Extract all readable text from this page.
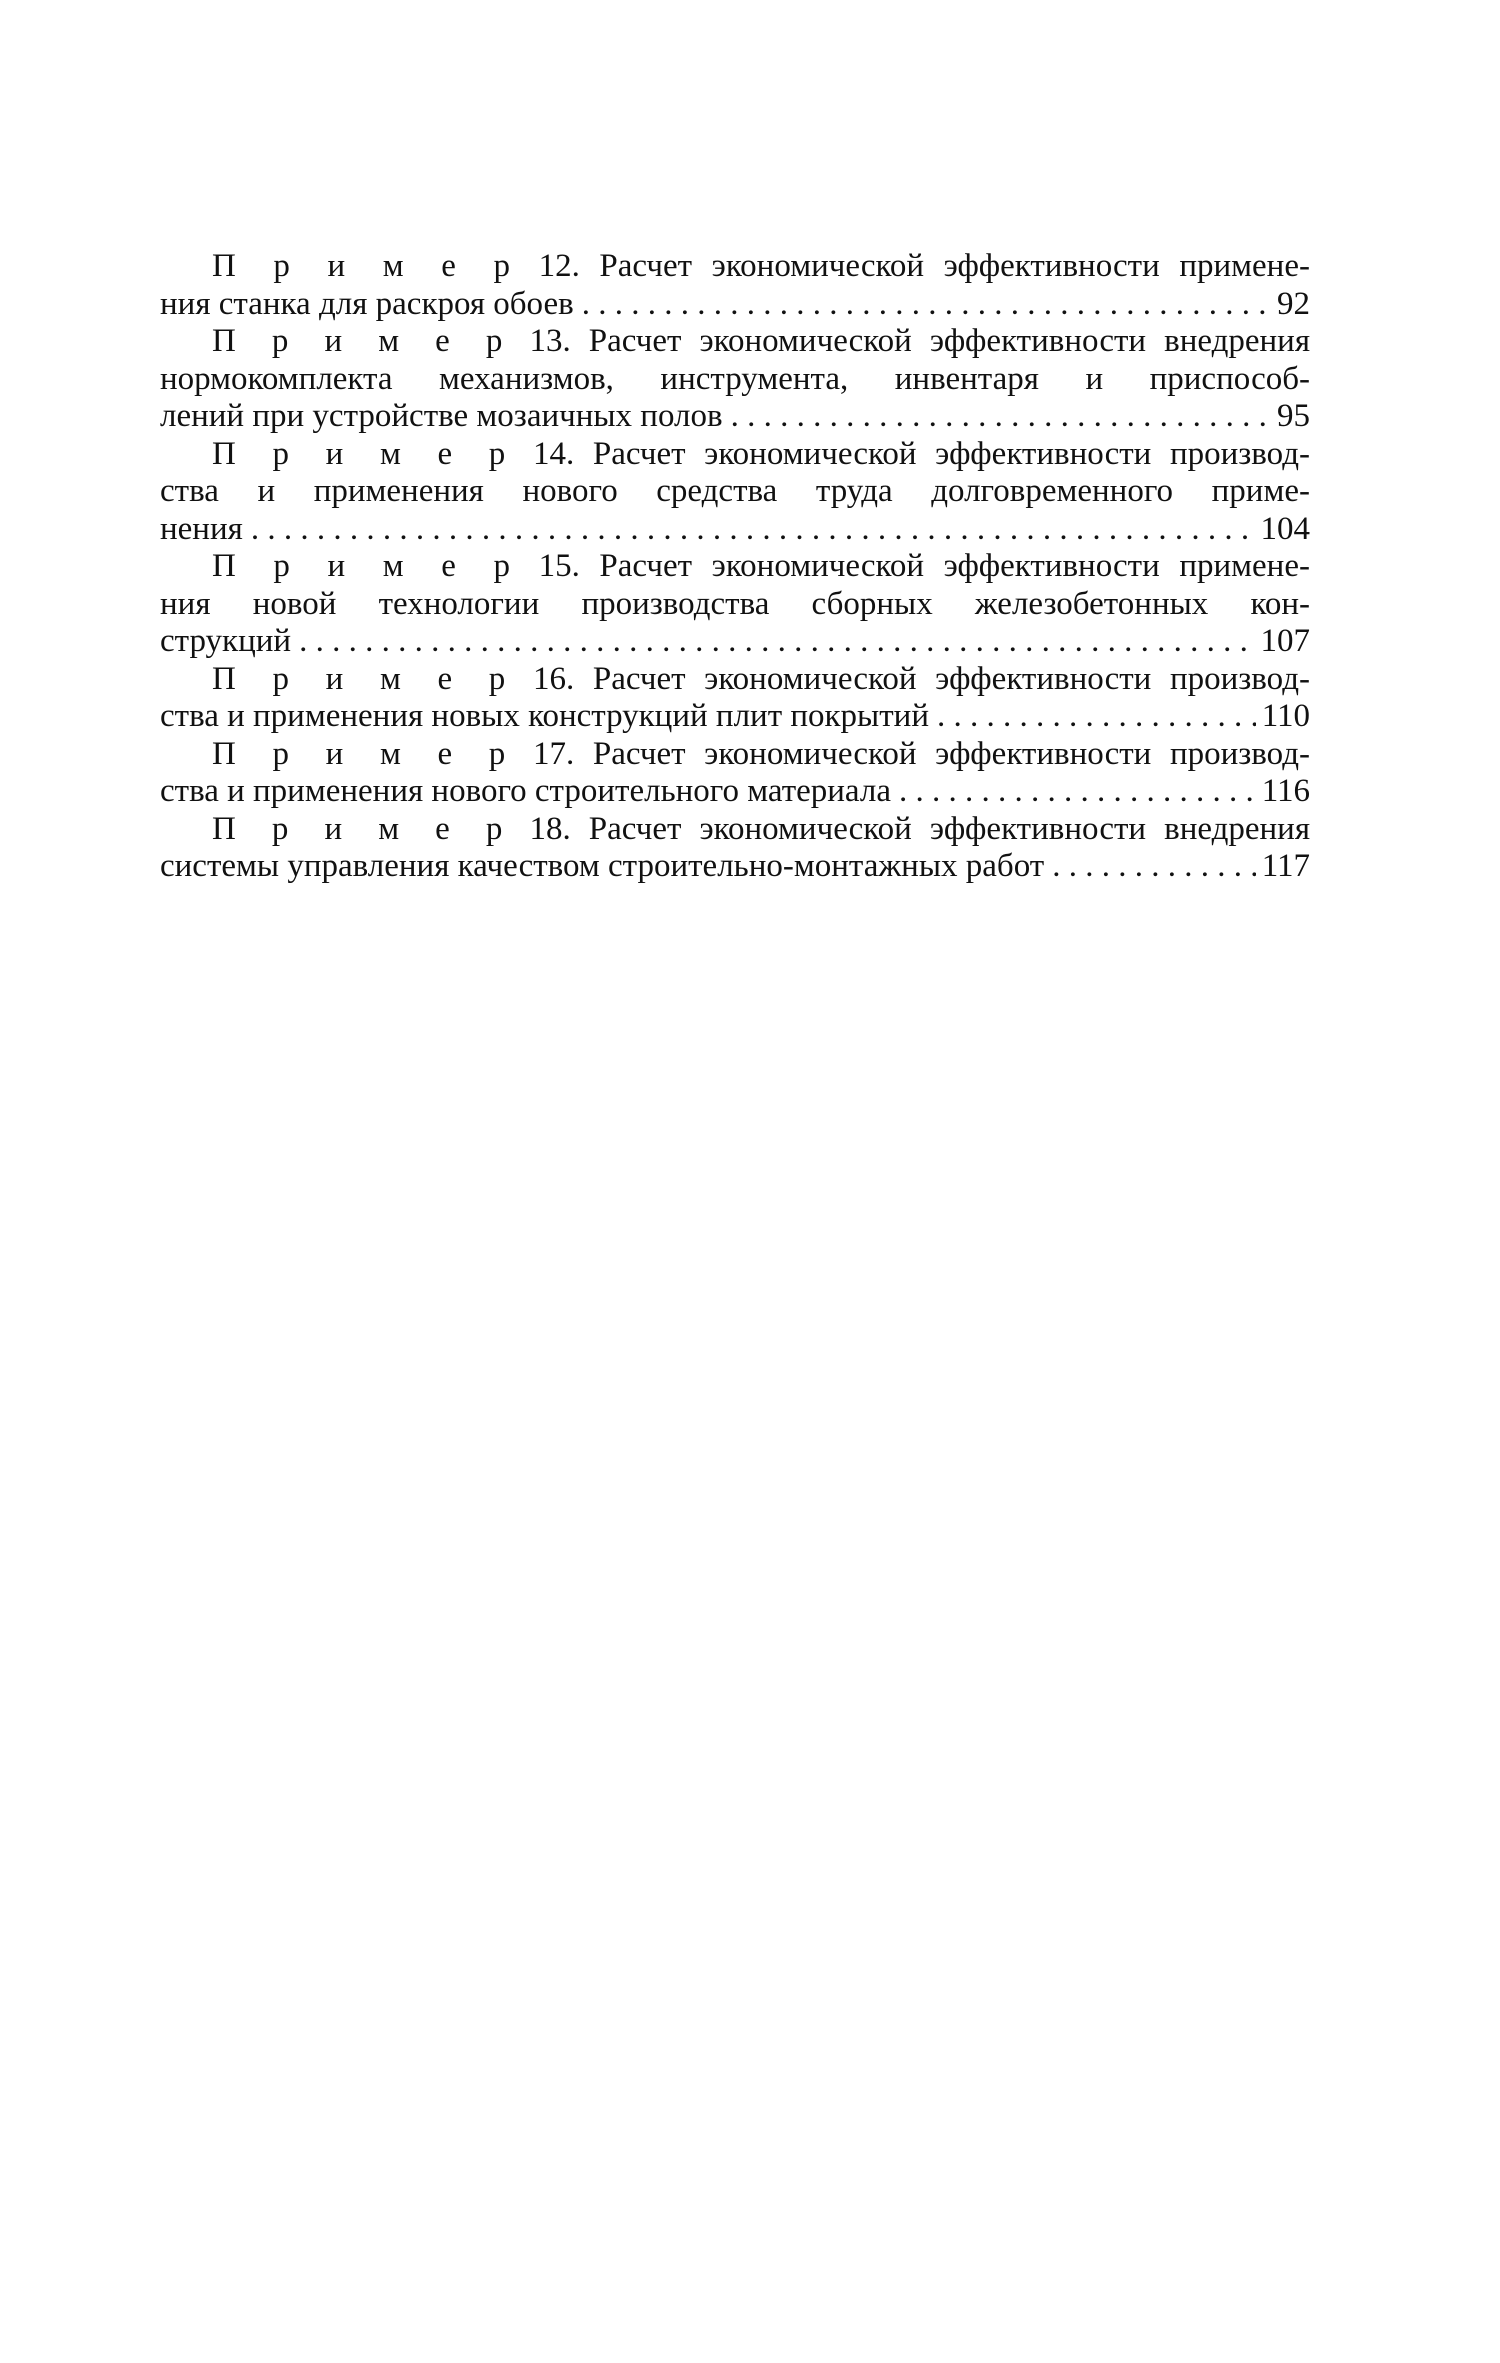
П р и м е р 12. Расчет экономической эффективности примене-
ния станка для раскроя обоев . . .	92
П р и м е р 13. Расчет экономической эффективности внедрения
нормокомплекта механизмов, инструмента, инвентаря и приспособ-
лений при устройстве мозаичных полов . . .	95
П р и м е р 14. Расчет экономической эффективности производ-
ства и применения нового средства труда долговременного приме-
нения . . .	104
П р и м е р 15. Расчет экономической эффективности примене-
ния новой технологии производства сборных железобетонных кон-
струкций . . .	107
П р и м е р 16. Расчет экономической эффективности производ-
ства и применения новых конструкций плит покрытий . . .	110
П р и м е р 17. Расчет экономической эффективности производ-
ства и применения нового строительного материала . . .	116
П р и м е р 18. Расчет экономической эффективности внедрения
системы управления качеством строительно-монтажных работ . . .	117
